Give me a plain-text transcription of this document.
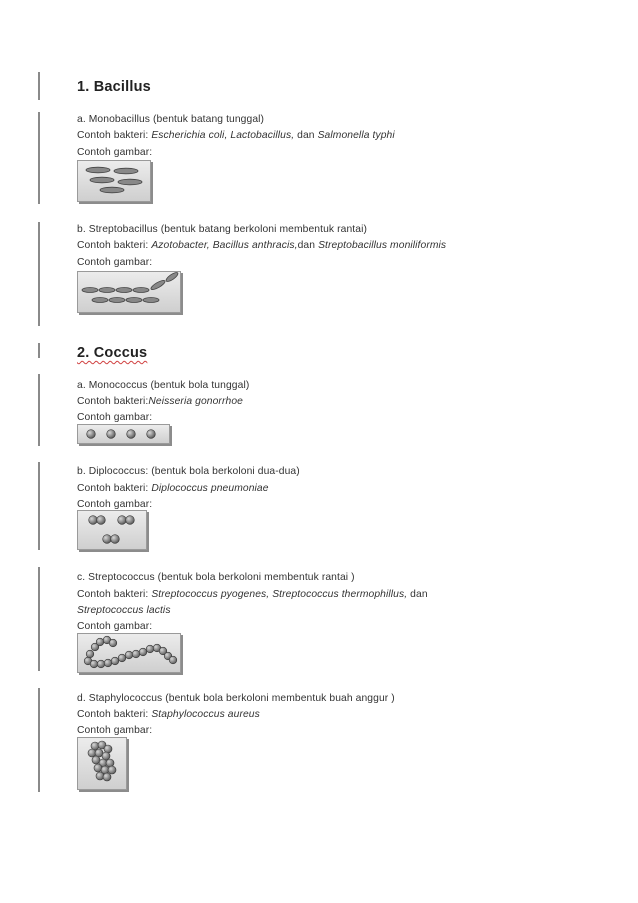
1. Bacillus
a. Monobacillus (bentuk batang tunggal)
Contoh bakteri: Escherichia coli, Lactobacillus, dan Salmonella typhi
Contoh gambar:
b. Streptobacillus (bentuk batang berkoloni membentuk rantai)
Contoh bakteri: Azotobacter, Bacillus anthracis,dan Streptobacillus moniliformis
Contoh gambar:
2. Coccus
a. Monococcus (bentuk bola tunggal)
Contoh bakteri:Neisseria gonorrhoe
Contoh gambar:
b. Diplococcus: (bentuk bola berkoloni dua-dua)
Contoh bakteri: Diplococcus pneumoniae
Contoh gambar:
c. Streptococcus (bentuk bola berkoloni membentuk rantai )
Contoh bakteri: Streptococcus pyogenes, Streptococcus thermophillus, dan
Streptococcus lactis
Contoh gambar:
d. Staphylococcus (bentuk bola berkoloni membentuk buah anggur )
Contoh bakteri: Staphylococcus aureus
Contoh gambar:
